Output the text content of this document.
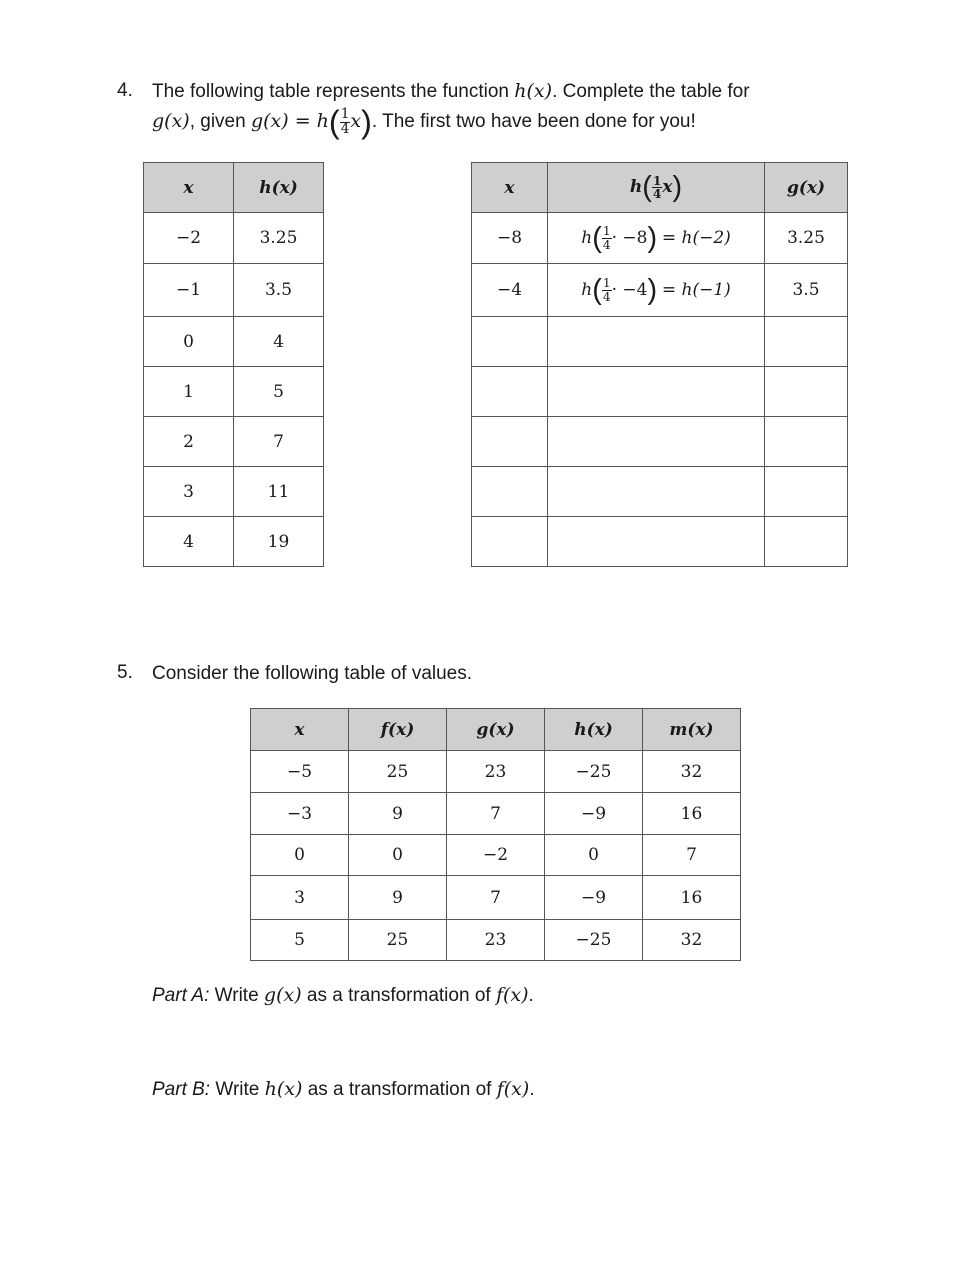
4. The following table represents the function h(x). Complete the table for
g(x), given $g(x) = h( \frac{1}{4} x)$. The first two have been done for you!
x	h(x)
−2	3.25
−1	3.5
0	4
1	5
2	7
3	11
4	19
x	$h( \frac{1}{4} x)$	g(x)
−8	$h( \frac{1}{4} \cdot -8) = h(-2)$	3.25
−4	$h( \frac{1}{4} \cdot -4) = h(-1)$	3.5

5. Consider the following table of values.
x	f(x)	g(x)	h(x)	m(x)
−5	25	23	−25	32
−3	9	7	−9	16
0	0	−2	0	7
3	9	7	−9	16
5	25	23	−25	32
Part A: Write g(x) as a transformation of f(x).
Part B: Write h(x) as a transformation of f(x).
